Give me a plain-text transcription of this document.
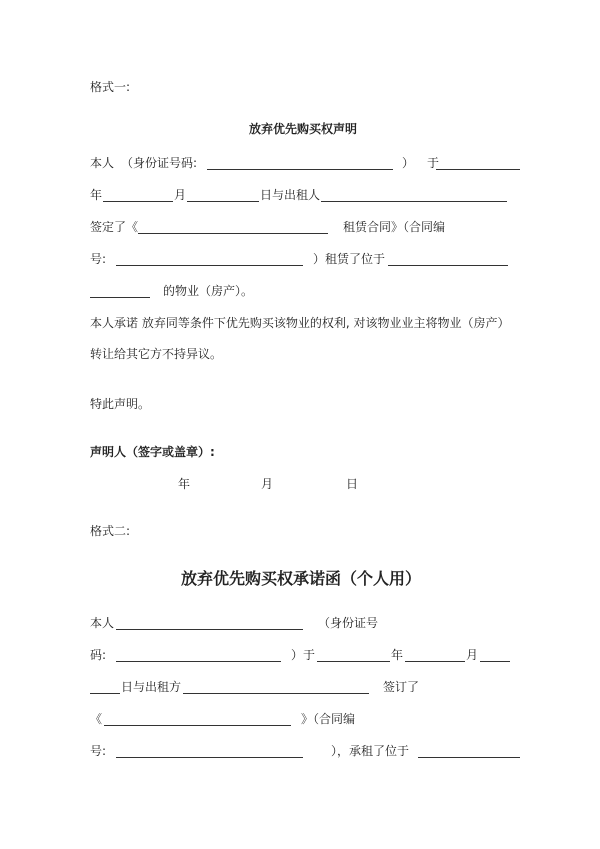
格式一:
放弃优先购买权声明
本人 （身份证号码:	） 于
年	月	日与出租人
签定了《	租赁合同》（合同编
号:	）租赁了位于
的物业（房产）。
本人承诺 放弃同等条件下优先购买该物业的权利, 对该物业业主将物业（房产）
转让给其它方不持异议。
特此声明。
声明人（签字或盖章）:
年	月	日
格式二:
放弃优先购买权承诺函（个人用）
本人	（身份证号
码:	）于	年	月
日与出租方	签订了
《	》（合同编
号:	），承租了位于
